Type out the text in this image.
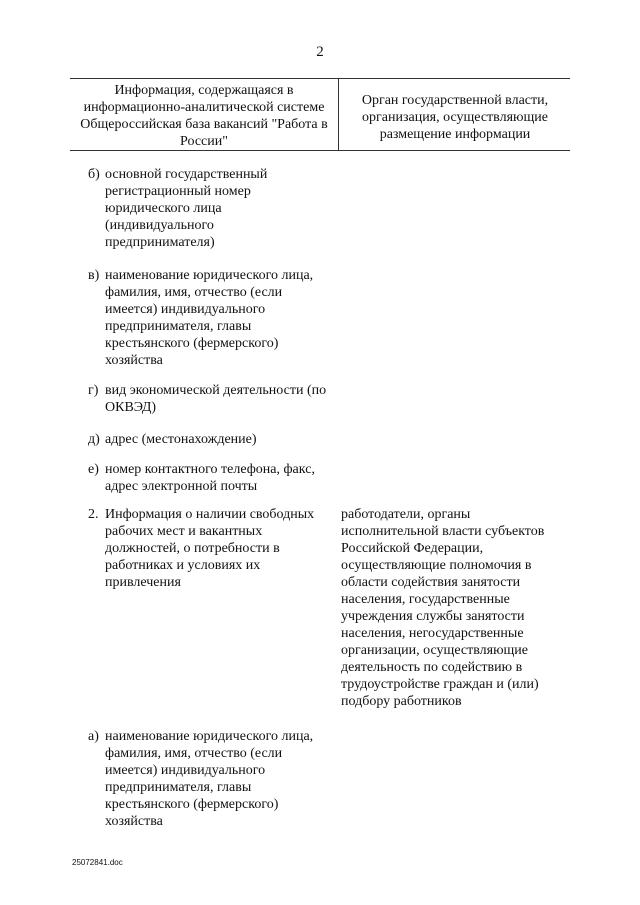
2
Информация, содержащаяся в информационно-аналитической системе Общероссийская база вакансий "Работа в России"
Орган государственной власти, организация, осуществляющие размещение информации
б) основной государственный регистрационный номер юридического лица (индивидуального предпринимателя)
в) наименование юридического лица, фамилия, имя, отчество (если имеется) индивидуального предпринимателя, главы крестьянского (фермерского) хозяйства
г) вид экономической деятельности (по ОКВЭД)
д) адрес (местонахождение)
е) номер контактного телефона, факс, адрес электронной почты
2. Информация о наличии свободных рабочих мест и вакантных должностей, о потребности в работниках и условиях их привлечения
работодатели, органы исполнительной власти субъектов Российской Федерации, осуществляющие полномочия в области содействия занятости населения, государственные учреждения службы занятости населения, негосударственные организации, осуществляющие деятельность по содействию в трудоустройстве граждан и (или) подбору работников
а) наименование юридического лица, фамилия, имя, отчество (если имеется) индивидуального предпринимателя, главы крестьянского (фермерского) хозяйства
25072841.doc
